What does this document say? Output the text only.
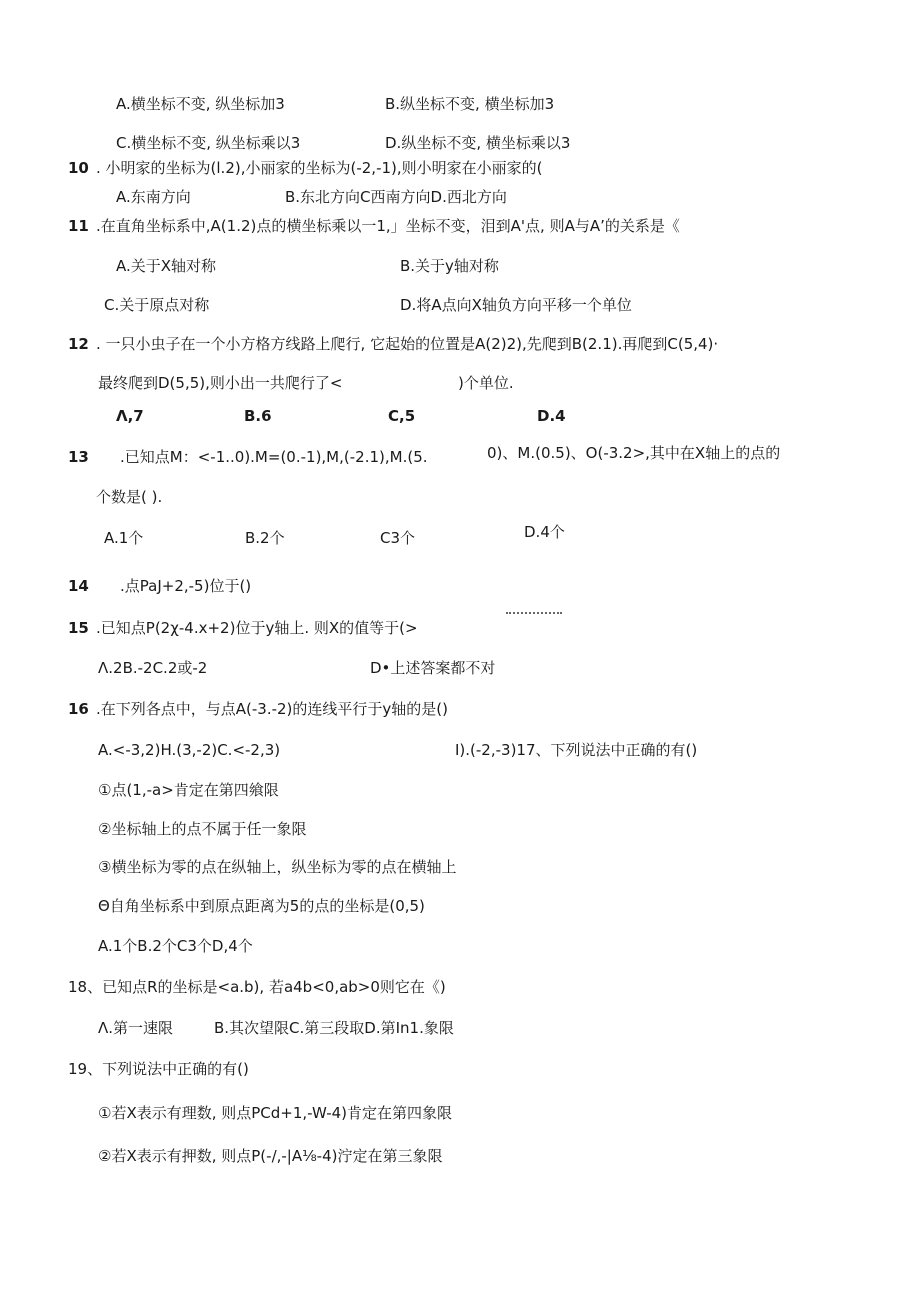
A.横坐标不变, 纵坐标加3	B.纵坐标不变, 横坐标加3
C.横坐标不变, 纵坐标乘以3	D.纵坐标不变, 横坐标乘以3
10 . 小明家的坐标为(l.2),小丽家的坐标为(-2,-1),则小明家在小丽家的(
A.东南方向	B.东北方向C西南方向D.西北方向
11 .在直角坐标系中,A(1.2)点的横坐标乘以一1,」坐标不变，泪到A'点, 则A与A’的关系是《
A.关于X轴对称	B.关于y轴对称
C.关于原点对称	D.将A点向X轴负方向平移一个单位
12 . 一只小虫子在一个小方格方线路上爬行, 它起始的位置是A(2)2),先爬到B(2.1).再爬到C(5,4)·
最终爬到D(5,5),则小出一共爬行了<	)个单位.
Λ,7	B.6	C,5	D.4
13 .已知点M：<-1..0).M=(0.-1),M,(-2.1),M.(5.	0)、M.(0.5)、O(-3.2>,其中在X轴上的点的
个数是( ).
A.1个	B.2个	C3个	D.4个
14 .点PaJ+2,-5)位于()
15 .已知点P(2χ-4.x+2)位于y轴上. 则X的值等于(>
Λ.2B.-2C.2或-2	D•上述答案都不对
16 .在下列各点中，与点A(-3.-2)的连线平行于y轴的是()
A.<-3,2)H.(3,-2)C.<-2,3)	I).(-2,-3)17、下列说法中正确的有()
①点(1,-a>肯定在第四飨限
②坐标轴上的点不属于任一象限
③横坐标为零的点在纵轴上，纵坐标为零的点在横轴上
Θ自角坐标系中到原点距离为5的点的坐标是(0,5)
A.1个B.2个C3个D,4个
18、已知点R的坐标是<a.b), 若a4b<0,ab>0则它在《)
Λ.第一速限	B.其次望限C.第三段取D.第In1.象限
19、下列说法中正确的有()
①若X表示有理数, 则点PCd+1,-W-4)肯定在第四象限
②若X表示有押数, 则点P(-/,-|A⅛-4)泞定在第三象限
